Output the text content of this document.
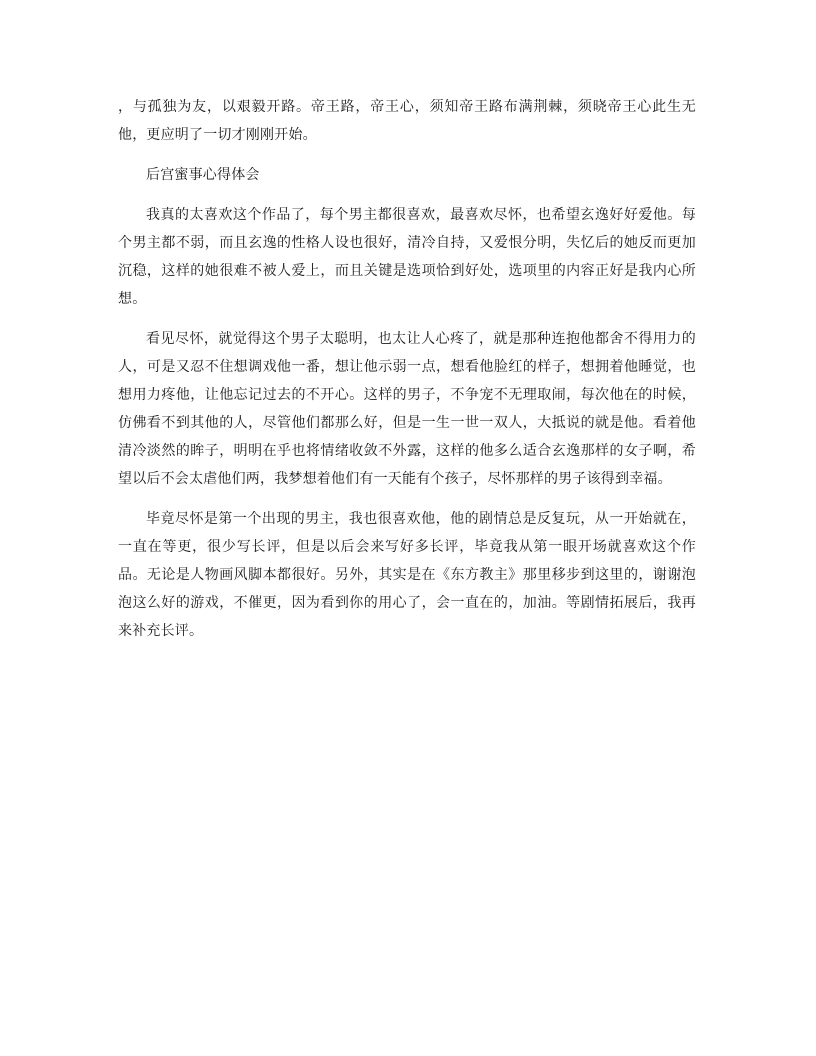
，与孤独为友，以艰毅开路。帝王路，帝王心，须知帝王路布满荆棘，须晓帝王心此生无他，更应明了一切才刚刚开始。

后宫蜜事心得体会

我真的太喜欢这个作品了，每个男主都很喜欢，最喜欢尽怀，也希望玄逸好好爱他。每个男主都不弱，而且玄逸的性格人设也很好，清冷自持，又爱恨分明，失忆后的她反而更加沉稳，这样的她很难不被人爱上，而且关键是选项恰到好处，选项里的内容正好是我内心所想。

看见尽怀，就觉得这个男子太聪明，也太让人心疼了，就是那种连抱他都舍不得用力的人，可是又忍不住想调戏他一番，想让他示弱一点，想看他脸红的样子，想拥着他睡觉，也想用力疼他，让他忘记过去的不开心。这样的男子，不争宠不无理取闹，每次他在的时候，仿佛看不到其他的人，尽管他们都那么好，但是一生一世一双人，大抵说的就是他。看着他清冷淡然的眸子，明明在乎也将情绪收敛不外露，这样的他多么适合玄逸那样的女子啊，希望以后不会太虐他们两，我梦想着他们有一天能有个孩子，尽怀那样的男子该得到幸福。

毕竟尽怀是第一个出现的男主，我也很喜欢他，他的剧情总是反复玩，从一开始就在，一直在等更，很少写长评，但是以后会来写好多长评，毕竟我从第一眼开场就喜欢这个作品。无论是人物画风脚本都很好。另外，其实是在《东方教主》那里移步到这里的，谢谢泡泡这么好的游戏，不催更，因为看到你的用心了，会一直在的，加油。等剧情拓展后，我再来补充长评。
